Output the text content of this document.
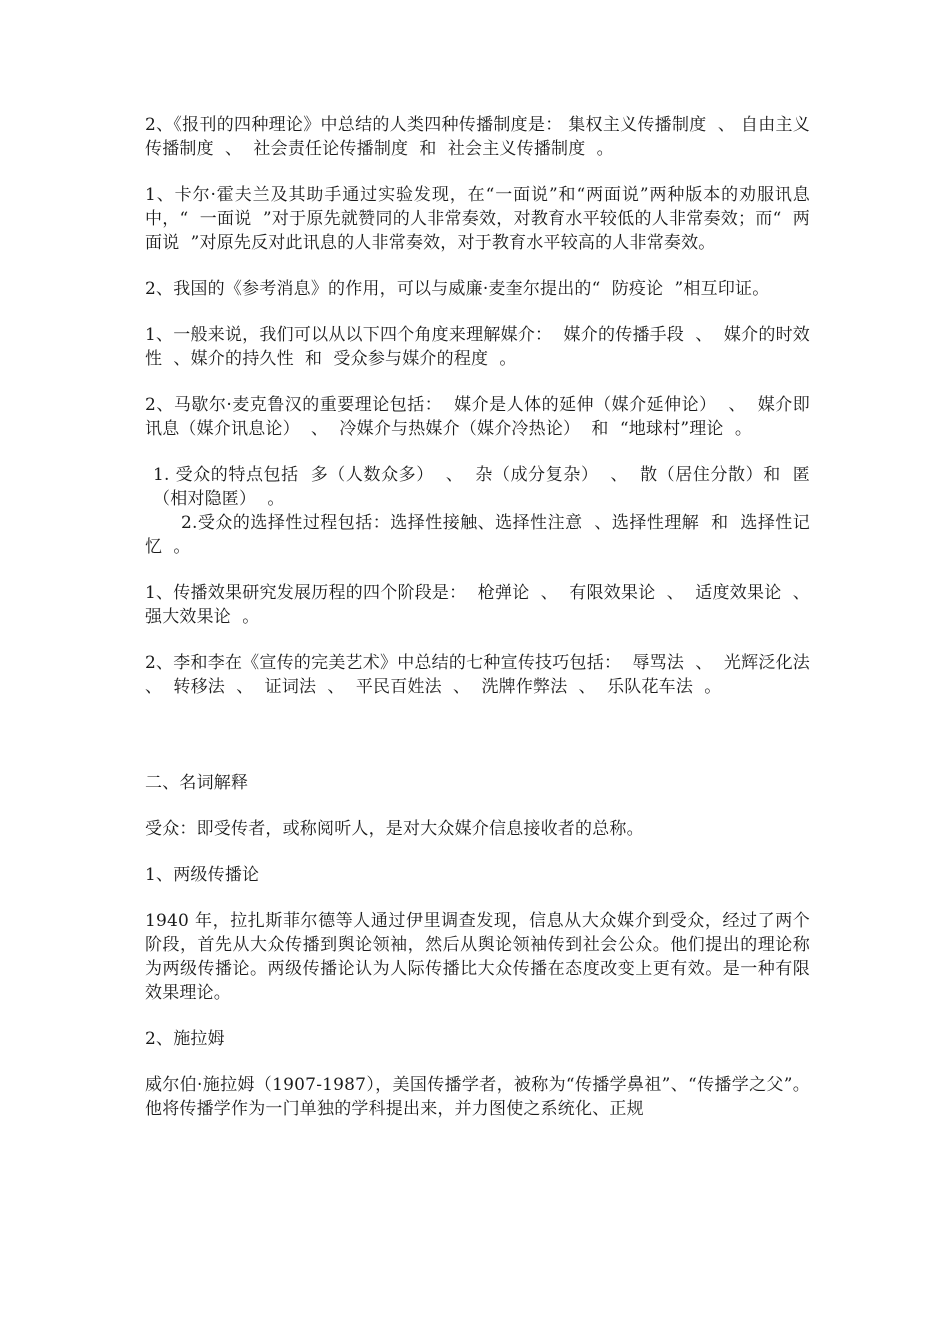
2、《报刊的四种理论》中总结的人类四种传播制度是： 集权主义传播制度  、 自由主义传播制度  、  社会责任论传播制度  和  社会主义传播制度  。

1、卡尔·霍夫兰及其助手通过实验发现，在“一面说”和“两面说”两种版本的劝服讯息中，“  一面说  ”对于原先就赞同的人非常奏效，对教育水平较低的人非常奏效；而“  两面说  ”对原先反对此讯息的人非常奏效，对于教育水平较高的人非常奏效。

2、我国的《参考消息》的作用，可以与威廉·麦奎尔提出的“  防疫论  ”相互印证。

1、一般来说，我们可以从以下四个角度来理解媒介：  媒介的传播手段  、  媒介的时效性  、媒介的持久性  和  受众参与媒介的程度  。

2、马歇尔·麦克鲁汉的重要理论包括：  媒介是人体的延伸（媒介延伸论）  、  媒介即讯息（媒介讯息论）  、  冷媒介与热媒介（媒介冷热论）  和  “地球村”理论  。

1. 受众的特点包括  多（人数众多）  、  杂（成分复杂）  、  散（居住分散）和  匿（相对隐匿）  。

2.受众的选择性过程包括：选择性接触、选择性注意  、选择性理解  和  选择性记忆  。

1、传播效果研究发展历程的四个阶段是：  枪弹论  、  有限效果论  、  适度效果论  、  强大效果论  。

2、李和李在《宣传的完美艺术》中总结的七种宣传技巧包括：  辱骂法  、  光辉泛化法  、  转移法  、  证词法  、  平民百姓法  、  洗牌作弊法  、  乐队花车法  。

二、名词解释

受众：即受传者，或称阅听人，是对大众媒介信息接收者的总称。

1、两级传播论

1940 年，拉扎斯菲尔德等人通过伊里调查发现，信息从大众媒介到受众，经过了两个阶段，首先从大众传播到舆论领袖，然后从舆论领袖传到社会公众。他们提出的理论称为两级传播论。两级传播论认为人际传播比大众传播在态度改变上更有效。是一种有限效果理论。

2、施拉姆

威尔伯·施拉姆（1907-1987），美国传播学者，被称为“传播学鼻祖”、“传播学之父”。他将传播学作为一门单独的学科提出来，并力图使之系统化、正规
